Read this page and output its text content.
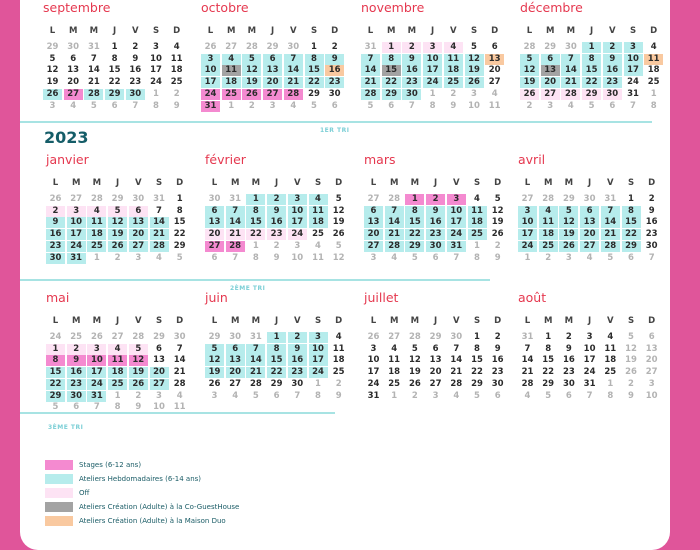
2023	1ER TRI
2ÈME TRI
3ÈME TRI
septembre
L	M	M	J	V	S	D
29	30	31	1	2	3	4
5	6	7	8	9	10	11
12	13	14	15	16	17	18
19	20	21	22	23	24	25
26	27	28	29	30	1	2
3	4	5	6	7	8	9
octobre
L	M	M	J	V	S	D
26	27	28	29	30	1	2
3	4	5	6	7	8	9
10	11	12	13	14	15	16
17	18	19	20	21	22	23
24	25	26	27	28	29	30
31	1	2	3	4	5	6
novembre
L	M	M	J	V	S	D
31	1	2	3	4	5	6
7	8	9	10	11	12	13
14	15	16	17	18	19	20
21	22	23	24	25	26	27
28	29	30	1	2	3	4
5	6	7	8	9	10	11
décembre
L	M	M	J	V	S	D
28	29	30	1	2	3	4
5	6	7	8	9	10	11
12	13	14	15	16	17	18
19	20	21	22	23	24	25
26	27	28	29	30	31	1
2	3	4	5	6	7	8
janvier
L	M	M	J	V	S	D
26	27	28	29	30	31	1
2	3	4	5	6	7	8
9	10	11	12	13	14	15
16	17	18	19	20	21	22
23	24	25	26	27	28	29
30	31	1	2	3	4	5
février
L	M	M	J	V	S	D
30	31	1	2	3	4	5
6	7	8	9	10	11	12
13	14	15	16	17	18	19
20	21	22	23	24	25	26
27	28	1	2	3	4	5
6	7	8	9	10	11	12
mars
L	M	M	J	V	S	D
27	28	1	2	3	4	5
6	7	8	9	10	11	12
13	14	15	16	17	18	19
20	21	22	23	24	25	26
27	28	29	30	31	1	2
3	4	5	6	7	8	9
avril
L	M	M	J	V	S	D
27	28	29	30	31	1	2
3	4	5	6	7	8	9
10	11	12	13	14	15	16
17	18	19	20	21	22	23
24	25	26	27	28	29	30
1	2	3	4	5	6	7
mai
L	M	M	J	V	S	D
24	25	26	27	28	29	30
1	2	3	4	5	6	7
8	9	10	11	12	13	14
15	16	17	18	19	20	21
22	23	24	25	26	27	28
29	30	31	1	2	3	4
5	6	7	8	9	10	11
juin
L	M	M	J	V	S	D
29	30	31	1	2	3	4
5	6	7	8	9	10	11
12	13	14	15	16	17	18
19	20	21	22	23	24	25
26	27	28	29	30	1	2
3	4	5	6	7	8	9
juillet
L	M	M	J	V	S	D
26	27	28	29	30	1	2
3	4	5	6	7	8	9
10	11	12	13	14	15	16
17	18	19	20	21	22	23
24	25	26	27	28	29	30
31	1	2	3	4	5	6
août
L	M	M	J	V	S	D
31	1	2	3	4	5	6
7	8	9	10	11	12	13
14	15	16	17	18	19	20
21	22	23	24	25	26	27
28	29	30	31	1	2	3
4	5	6	7	8	9	10
Stages (6-12 ans)
Ateliers Hebdomadaires (6-14 ans)
Off
Ateliers Création (Adulte) à la Co-GuestHouse
Ateliers Création (Adulte) à la Maison Duo
